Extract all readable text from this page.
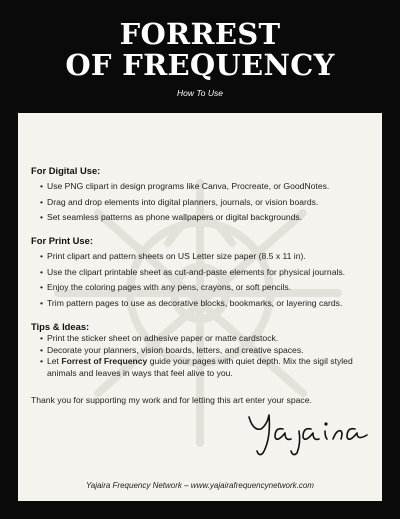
FORREST
OF FREQUENCY
How To Use
For Digital Use:
• Use PNG clipart in design programs like Canva, Procreate, or GoodNotes.
• Drag and drop elements into digital planners, journals, or vision boards.
• Set seamless patterns as phone wallpapers or digital backgrounds.
For Print Use:
• Print clipart and pattern sheets on US Letter size paper (8.5 x 11 in).
• Use the clipart printable sheet as cut-and-paste elements for physical journals.
• Enjoy the coloring pages with any pens, crayons, or soft pencils.
• Trim pattern pages to use as decorative blocks, bookmarks, or layering cards.
Tips & Ideas:
• Print the sticker sheet on adhesive paper or matte cardstock.
• Decorate your planners, vision boards, letters, and creative spaces.
• Let Forrest of Frequency guide your pages with quiet depth. Mix the sigil styled animals and leaves in ways that feel alive to you.
Thank you for supporting my work and for letting this art enter your space.
Yajaira Frequency Network – www.yajairafrequencynetwork.com
